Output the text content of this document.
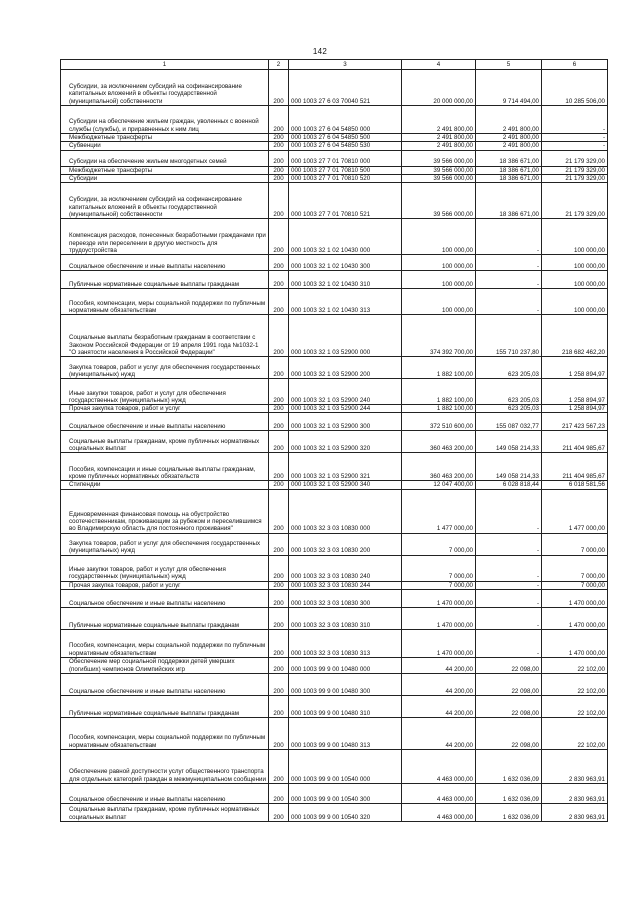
142
1	2	3	4	5	6
Субсидии, за исключением субсидий на софинансирование капитальных вложений в объекты государственной (муниципальной) собственности	200	000 1003 27 6 03 70040 521	20 000 000,00	9 714 494,00	10 285 506,00
Субсидии на обеспечение жильем граждан, уволенных с военной службы (службы), и приравненных к ним лиц	200	000 1003 27 6 04 54850 000	2 491 800,00	2 491 800,00	-
Межбюджетные трансферты	200	000 1003 27 6 04 54850 500	2 491 800,00	2 491 800,00	-
Субвенции	200	000 1003 27 6 04 54850 530	2 491 800,00	2 491 800,00	-
Субсидии на обеспечение жильем многодетных семей	200	000 1003 27 7 01 70810 000	39 566 000,00	18 386 671,00	21 179 329,00
Межбюджетные трансферты	200	000 1003 27 7 01 70810 500	39 566 000,00	18 386 671,00	21 179 329,00
Субсидии	200	000 1003 27 7 01 70810 520	39 566 000,00	18 386 671,00	21 179 329,00
Субсидии, за исключением субсидий на софинансирование капитальных вложений в объекты государственной (муниципальной) собственности	200	000 1003 27 7 01 70810 521	39 566 000,00	18 386 671,00	21 179 329,00
Компенсация расходов, понесенных безработными гражданами при переезде или переселении в другую местность для трудоустройства	200	000 1003 32 1 02 10430 000	100 000,00	-	100 000,00
Социальное обеспечение и иные выплаты населению	200	000 1003 32 1 02 10430 300	100 000,00	-	100 000,00
Публичные нормативные социальные выплаты гражданам	200	000 1003 32 1 02 10430 310	100 000,00	-	100 000,00
Пособия, компенсации, меры социальной поддержки по публичным нормативным обязательствам	200	000 1003 32 1 02 10430 313	100 000,00	-	100 000,00
Социальные выплаты безработным гражданам в соответствии с Законом Российской Федерации от 19 апреля 1991 года №1032-1 "О занятости населения в Российской Федерации"	200	000 1003 32 1 03 52900 000	374 392 700,00	155 710 237,80	218 682 462,20
Закупка товаров, работ и услуг для обеспечения государственных (муниципальных) нужд	200	000 1003 32 1 03 52900 200	1 882 100,00	623 205,03	1 258 894,97
Иные закупки товаров, работ и услуг для обеспечения государственных (муниципальных) нужд	200	000 1003 32 1 03 52900 240	1 882 100,00	623 205,03	1 258 894,97
Прочая закупка товаров, работ и услуг	200	000 1003 32 1 03 52900 244	1 882 100,00	623 205,03	1 258 894,97
Социальное обеспечение и иные выплаты населению	200	000 1003 32 1 03 52900 300	372 510 600,00	155 087 032,77	217 423 567,23
Социальные выплаты гражданам, кроме публичных нормативных социальных выплат	200	000 1003 32 1 03 52900 320	360 463 200,00	149 058 214,33	211 404 985,67
Пособия, компенсации и иные социальные выплаты гражданам, кроме публичных нормативных обязательств	200	000 1003 32 1 03 52900 321	360 463 200,00	149 058 214,33	211 404 985,67
Стипендии	200	000 1003 32 1 03 52900 340	12 047 400,00	6 028 818,44	6 018 581,56
Единовременная финансовая помощь на обустройство соотечественникам, проживающим за рубежом и переселившимся во Владимирскую область для постоянного проживания"	200	000 1003 32 3 03 10830 000	1 477 000,00	-	1 477 000,00
Закупка товаров, работ и услуг для обеспечения государственных (муниципальных) нужд	200	000 1003 32 3 03 10830 200	7 000,00	-	7 000,00
Иные закупки товаров, работ и услуг для обеспечения государственных (муниципальных) нужд	200	000 1003 32 3 03 10830 240	7 000,00	-	7 000,00
Прочая закупка товаров, работ и услуг	200	000 1003 32 3 03 10830 244	7 000,00	-	7 000,00
Социальное обеспечение и иные выплаты населению	200	000 1003 32 3 03 10830 300	1 470 000,00	-	1 470 000,00
Публичные нормативные социальные выплаты гражданам	200	000 1003 32 3 03 10830 310	1 470 000,00	-	1 470 000,00
Пособия, компенсации, меры социальной поддержки по публичным нормативным обязательствам	200	000 1003 32 3 03 10830 313	1 470 000,00	-	1 470 000,00
Обеспечение мер социальной поддержки детей умерших (погибших) чемпионов Олимпийских игр	200	000 1003 99 9 00 10480 000	44 200,00	22 098,00	22 102,00
Социальное обеспечение и иные выплаты населению	200	000 1003 99 9 00 10480 300	44 200,00	22 098,00	22 102,00
Публичные нормативные социальные выплаты гражданам	200	000 1003 99 9 00 10480 310	44 200,00	22 098,00	22 102,00
Пособия, компенсации, меры социальной поддержки по публичным нормативным обязательствам	200	000 1003 99 9 00 10480 313	44 200,00	22 098,00	22 102,00
Обеспечение равной доступности услуг общественного транспорта для отдельных категорий граждан в межмуниципальном сообщении	200	000 1003 99 9 00 10540 000	4 463 000,00	1 632 036,09	2 830 963,91
Социальное обеспечение и иные выплаты населению	200	000 1003 99 9 00 10540 300	4 463 000,00	1 632 036,09	2 830 963,91
Социальные выплаты гражданам, кроме публичных нормативных социальных выплат	200	000 1003 99 9 00 10540 320	4 463 000,00	1 632 036,09	2 830 963,91
